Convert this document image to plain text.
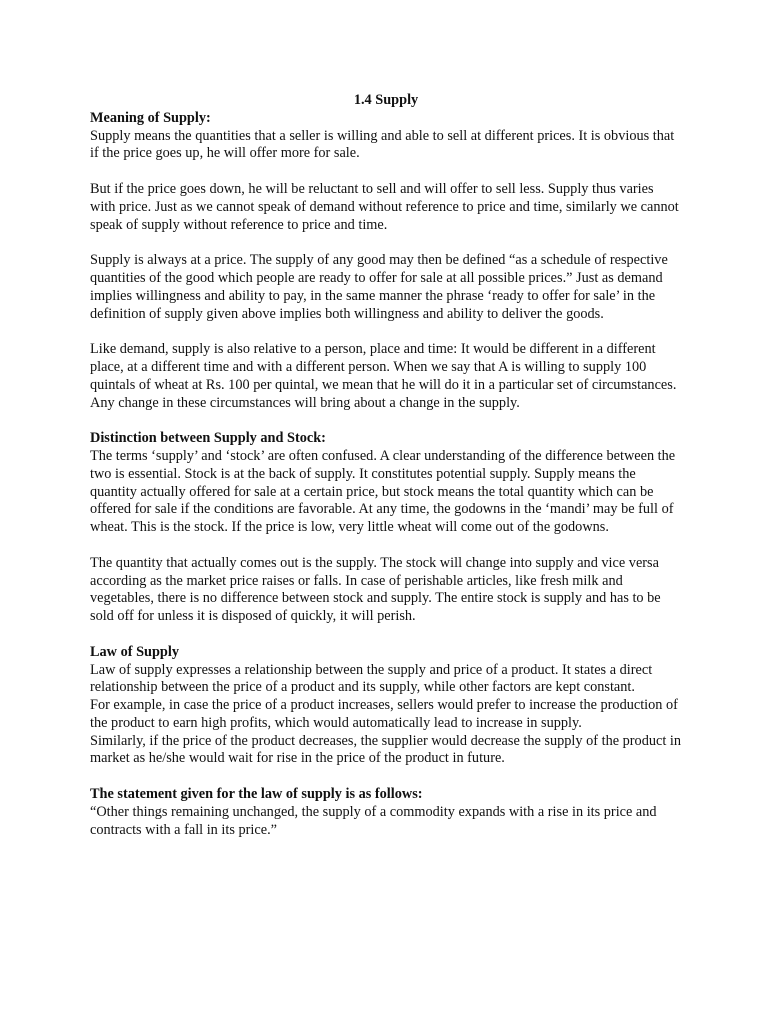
1.4 Supply

Meaning of Supply:

Supply means the quantities that a seller is willing and able to sell at different prices. It is obvious that if the price goes up, he will offer more for sale.

But if the price goes down, he will be reluctant to sell and will offer to sell less. Supply thus varies with price. Just as we cannot speak of demand without reference to price and time, similarly we cannot speak of supply without reference to price and time.

Supply is always at a price. The supply of any good may then be defined “as a schedule of respective quantities of the good which people are ready to offer for sale at all possible prices.” Just as demand implies willingness and ability to pay, in the same manner the phrase ‘ready to offer for sale’ in the definition of supply given above implies both willingness and ability to deliver the goods.

Like demand, supply is also relative to a person, place and time: It would be different in a different place, at a different time and with a different person. When we say that A is willing to supply 100 quintals of wheat at Rs. 100 per quintal, we mean that he will do it in a particular set of circumstances. Any change in these circumstances will bring about a change in the supply.

Distinction between Supply and Stock:

The terms ‘supply’ and ‘stock’ are often confused. A clear understanding of the difference between the two is essential. Stock is at the back of supply. It constitutes potential supply. Supply means the quantity actually offered for sale at a certain price, but stock means the total quantity which can be offered for sale if the conditions are favorable. At any time, the godowns in the ‘mandi’ may be full of wheat. This is the stock. If the price is low, very little wheat will come out of the godowns.

The quantity that actually comes out is the supply. The stock will change into supply and vice versa according as the market price raises or falls. In case of perishable articles, like fresh milk and vegetables, there is no difference between stock and supply. The entire stock is supply and has to be sold off for unless it is disposed of quickly, it will perish.

Law of Supply

Law of supply expresses a relationship between the supply and price of a product. It states a direct relationship between the price of a product and its supply, while other factors are kept constant.

For example, in case the price of a product increases, sellers would prefer to increase the production of the product to earn high profits, which would automatically lead to increase in supply.

Similarly, if the price of the product decreases, the supplier would decrease the supply of the product in market as he/she would wait for rise in the price of the product in future.

The statement given for the law of supply is as follows:

“Other things remaining unchanged, the supply of a commodity expands with a rise in its price and contracts with a fall in its price.”
